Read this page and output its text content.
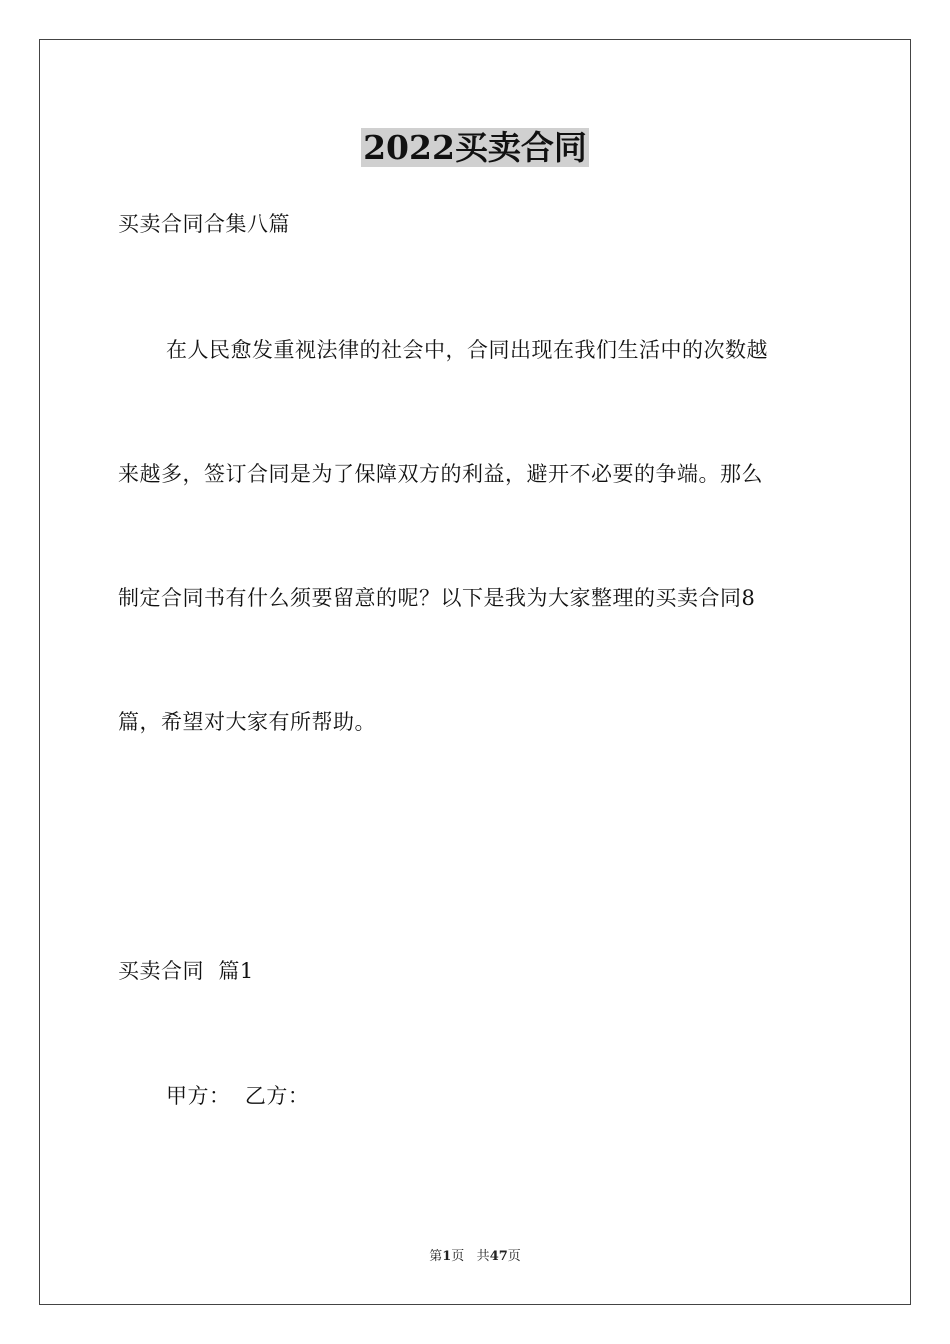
2022买卖合同
买卖合同合集八篇
在人民愈发重视法律的社会中，合同出现在我们生活中的次数越
来越多，签订合同是为了保障双方的利益，避开不必要的争端。那么
制定合同书有什么须要留意的呢？以下是我为大家整理的买卖合同8
篇，希望对大家有所帮助。
买卖合同  篇1
甲方：  乙方：
第1页 共47页
